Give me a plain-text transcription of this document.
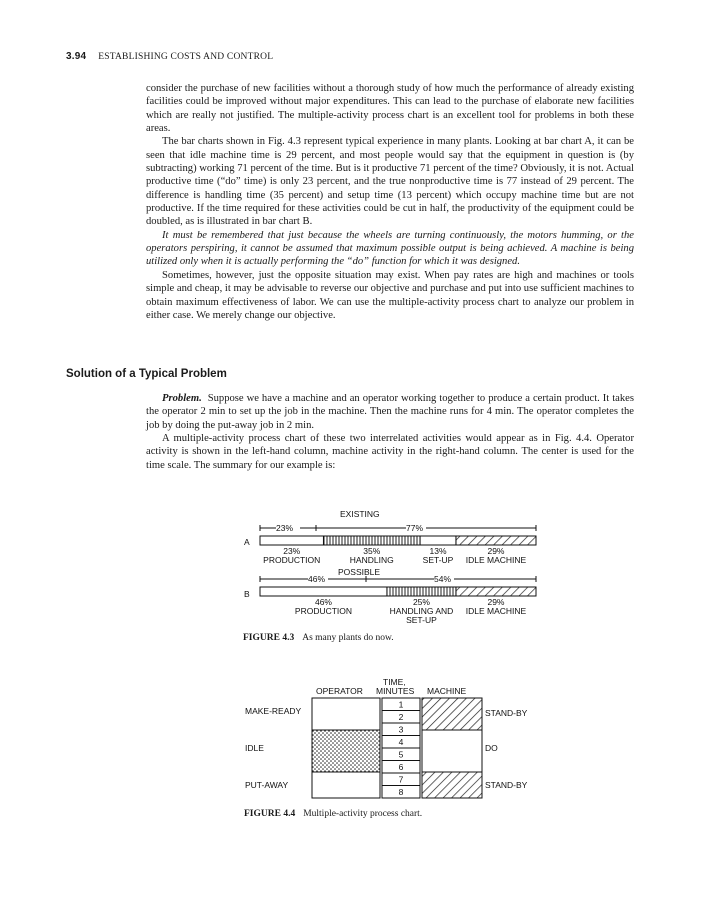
3.94 ESTABLISHING COSTS AND CONTROL

consider the purchase of new facilities without a thorough study of how much the performance of already existing facilities could be improved without major expenditures. This can lead to the purchase of elaborate new facilities which are really not justified. The multiple-activity process chart is an excellent tool for problems in both these areas.

The bar charts shown in Fig. 4.3 represent typical experience in many plants. Looking at bar chart A, it can be seen that idle machine time is 29 percent, and most people would say that the equipment in question is (by subtracting) working 71 percent of the time. But is it productive 71 percent of the time? Obviously, it is not. Actual productive time (“do” time) is only 23 percent, and the true nonproductive time is 77 instead of 29 percent. The difference is handling time (35 percent) and setup time (13 percent) which occupy machine time but are not productive. If the time required for these activities could be cut in half, the productivity of the equipment could be doubled, as is illustrated in bar chart B.

It must be remembered that just because the wheels are turning continuously, the motors humming, or the operators perspiring, it cannot be assumed that maximum possible output is being achieved. A machine is being utilized only when it is actually performing the “do” function for which it was designed.

Sometimes, however, just the opposite situation may exist. When pay rates are high and machines or tools simple and cheap, it may be advisable to reverse our objective and purchase and put into use sufficient machines to obtain maximum effectiveness of labor. We can use the multiple-activity process chart to analyze our problem in either case. We merely change our objective.

Solution of a Typical Problem

Problem. Suppose we have a machine and an operator working together to produce a certain product. It takes the operator 2 min to set up the job in the machine. Then the machine runs for 4 min. The operator completes the job by doing the put-away job in 2 min.

A multiple-activity process chart of these two interrelated activities would appear as in Fig. 4.4. Operator activity is shown in the left-hand column, machine activity in the right-hand column. The center is used for the time scale. The summary for our example is:

EXISTING
23%	77%
A
23%
PRODUCTION
35%
HANDLING
13%
SET-UP
29%
IDLE MACHINE
POSSIBLE
46%	54%
B
46%
PRODUCTION
25%
HANDLING AND
SET-UP
29%
IDLE MACHINE
FIGURE 4.3 As many plants do now.
OPERATOR
TIME,
MINUTES MACHINE
1
2
3
4
5
6
7
8
MAKE-READY
IDLE
PUT-AWAY
STAND-BY
DO
STAND-BY
FIGURE 4.4 Multiple-activity process chart.
